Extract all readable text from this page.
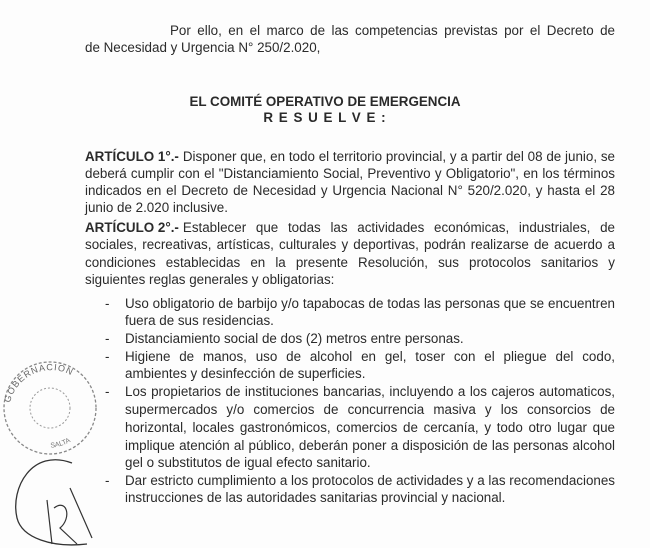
Por ello, en el marco de las competencias previstas por el Decreto de
de Necesidad y Urgencia N° 250/2.020,
EL COMITÉ OPERATIVO DE EMERGENCIA
R E S U E L V E :
ARTÍCULO 1°.- Disponer que, en todo el territorio provincial, y a partir del 08 de junio, se
deberá cumplir con el "Distanciamiento Social, Preventivo y Obligatorio", en los términos
indicados en el Decreto de Necesidad y Urgencia Nacional N° 520/2.020, y hasta el 28
junio de 2.020 inclusive.
ARTÍCULO 2°.- Establecer que todas las actividades económicas, industriales, de
sociales, recreativas, artísticas, culturales y deportivas, podrán realizarse de acuerdo a
condiciones establecidas en la presente Resolución, sus protocolos sanitarios y
siguientes reglas generales y obligatorias:
- Uso obligatorio de barbijo y/o tapabocas de todas las personas que se encuentren
fuera de sus residencias.
- Distanciamiento social de dos (2) metros entre personas.
- Higiene de manos, uso de alcohol en gel, toser con el pliegue del codo,
ambientes y desinfección de superficies.
- Los propietarios de instituciones bancarias, incluyendo a los cajeros automaticos,
supermercados y/o comercios de concurrencia masiva y los consorcios de
horizontal, locales gastronómicos, comercios de cercanía, y todo otro lugar que
implique atención al público, deberán poner a disposición de las personas alcohol
gel o substitutos de igual efecto sanitario.
- Dar estricto cumplimiento a los protocolos de actividades y a las recomendaciones
instrucciones de las autoridades sanitarias provincial y nacional.
GOBERNACION
SALTA
